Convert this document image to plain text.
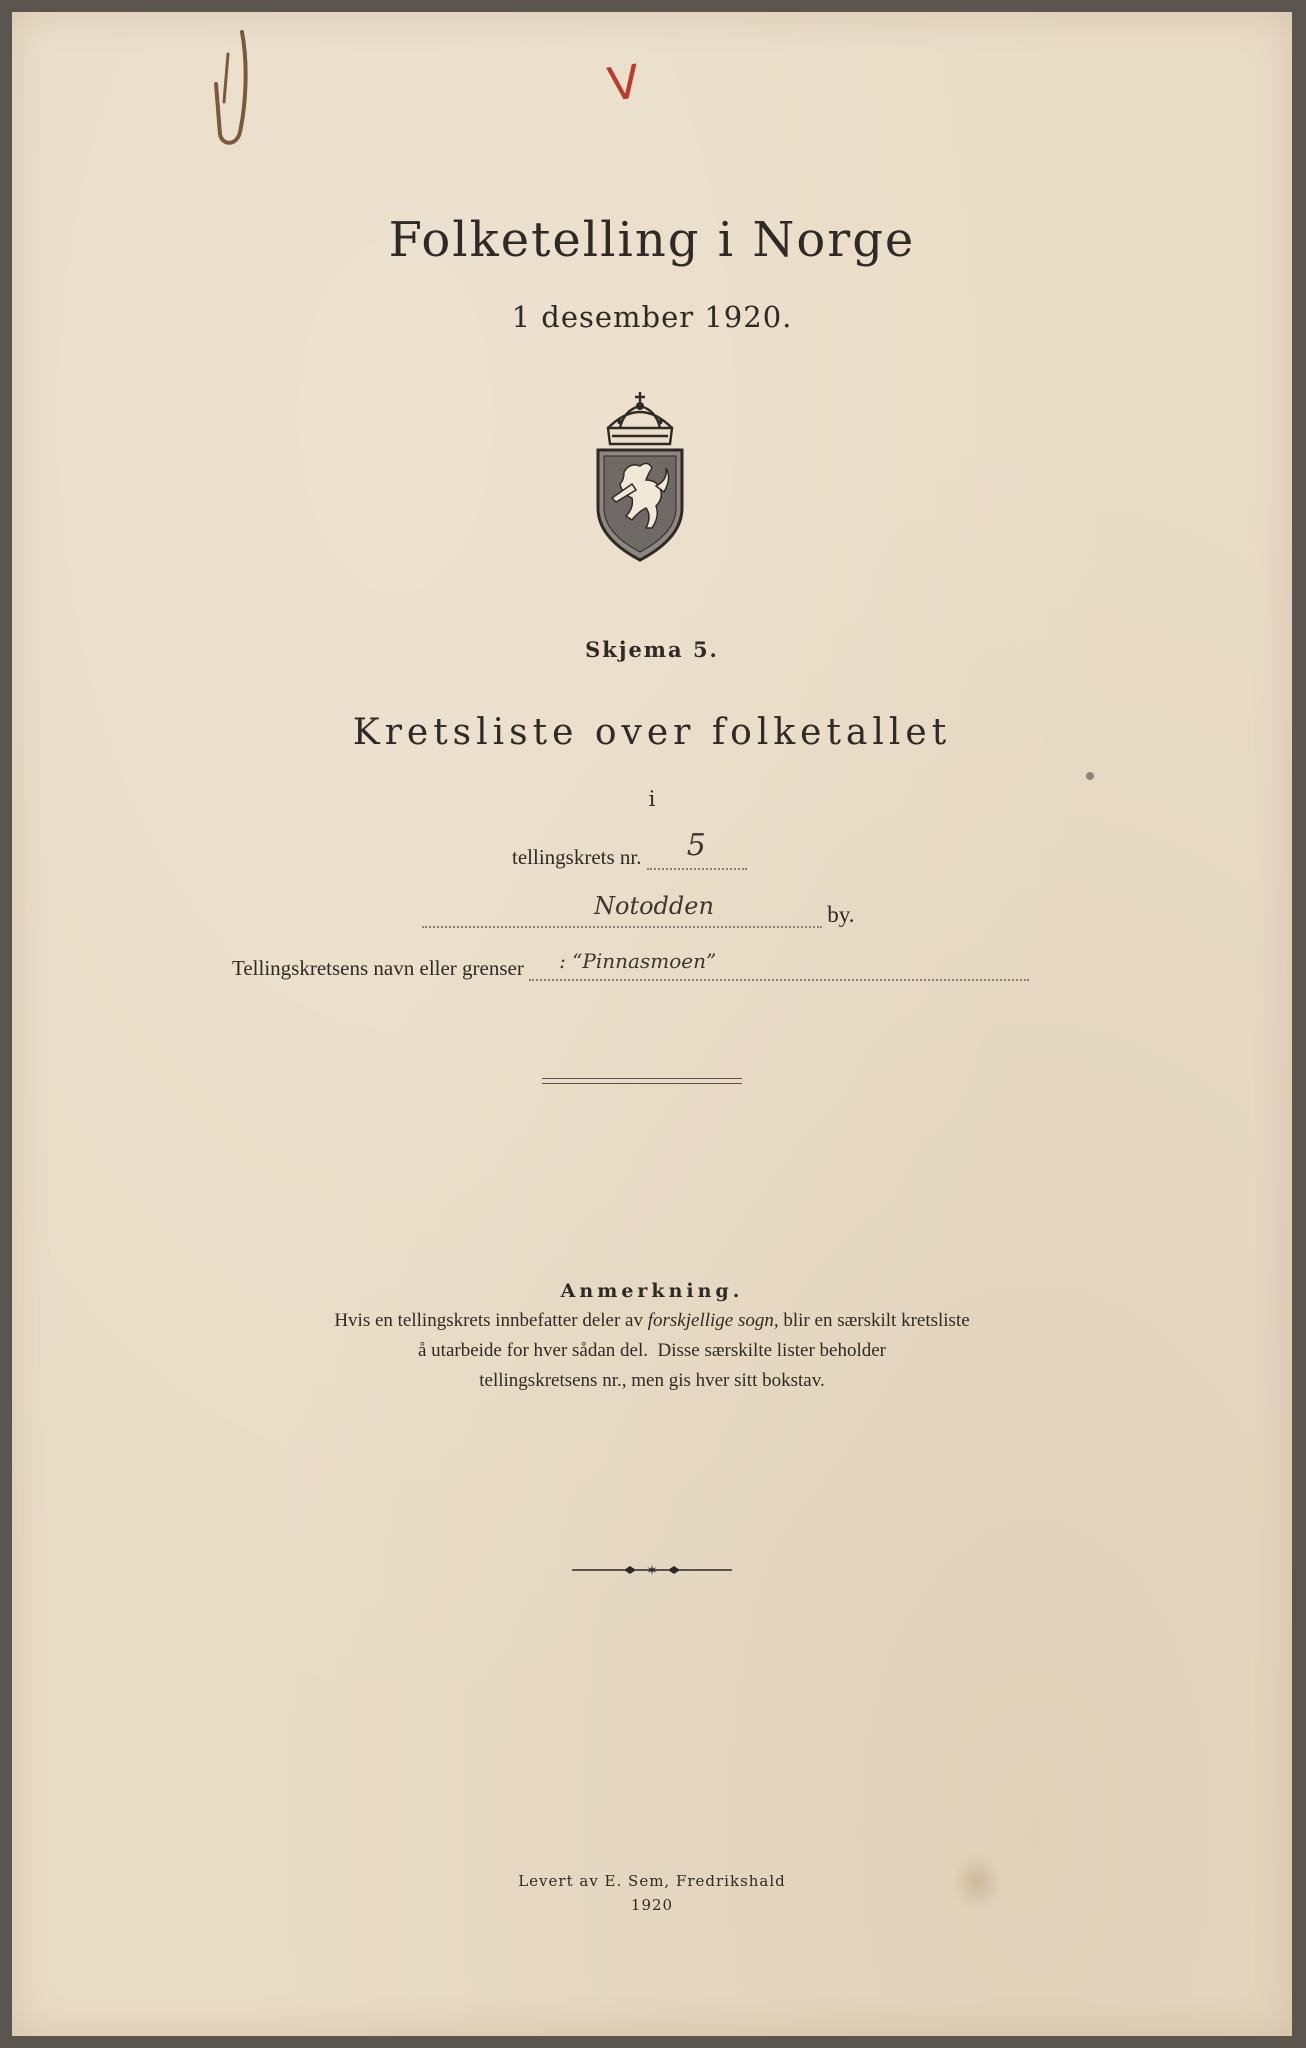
V
Folketelling i Norge
1 desember 1920.
Skjema 5.
Kretsliste over folketallet
i
tellingskrets nr. 5
Notodden	by.
Tellingskretsens navn eller grenser : “Pinnasmoen”
Anmerkning.
Hvis en tellingskrets innbefatter deler av forskjellige sogn, blir en særskilt kretsliste
å utarbeide for hver sådan del.  Disse særskilte lister beholder
tellingskretsens nr., men gis hver sitt bokstav.
✶
Levert av E. Sem, Fredrikshald
1920
